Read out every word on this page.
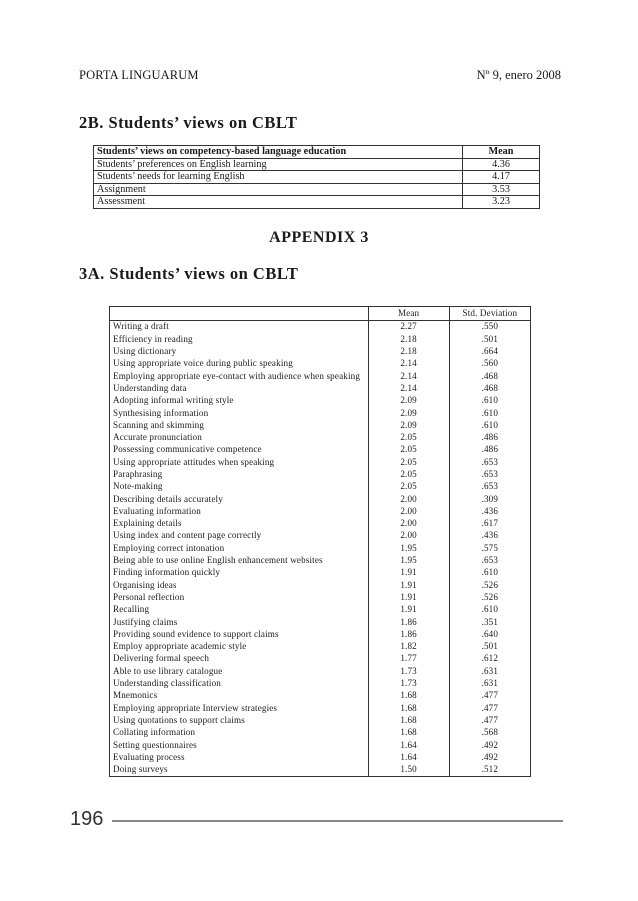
PORTA LINGUARUM	Nº 9, enero 2008
2B. Students’ views on CBLT
Students’ views on competency-based language education	Mean
Students’ preferences on English learning	4.36
Students’ needs for learning English	4.17
Assignment	3.53
Assessment	3.23
APPENDIX 3
3A. Students’ views on CBLT
	Mean	Std. Deviation
Writing a draft	2.27	.550
Efficiency in reading	2.18	.501
Using dictionary	2.18	.664
Using appropriate voice during public speaking	2.14	.560
Employing appropriate eye-contact with audience when speaking	2.14	.468
Understanding data	2.14	.468
Adopting informal writing style	2.09	.610
Synthesising information	2.09	.610
Scanning and skimming	2.09	.610
Accurate pronunciation	2.05	.486
Possessing communicative competence	2.05	.486
Using appropriate attitudes when speaking	2.05	.653
Paraphrasing	2.05	.653
Note-making	2.05	.653
Describing details accurately	2.00	.309
Evaluating information	2.00	.436
Explaining details	2.00	.617
Using index and content page correctly	2.00	.436
Employing correct intonation	1.95	.575
Being able to use online English enhancement websites	1.95	.653
Finding information quickly	1.91	.610
Organising ideas	1.91	.526
Personal reflection	1.91	.526
Recalling	1.91	.610
Justifying claims	1.86	.351
Providing sound evidence to support claims	1.86	.640
Employ appropriate academic style	1.82	.501
Delivering formal speech	1.77	.612
Able to use library catalogue	1.73	.631
Understanding classification	1.73	.631
Mnemonics	1.68	.477
Employing appropriate Interview strategies	1.68	.477
Using quotations to support claims	1.68	.477
Collating information	1.68	.568
Setting questionnaires	1.64	.492
Evaluating process	1.64	.492
Doing surveys	1.50	.512
196
